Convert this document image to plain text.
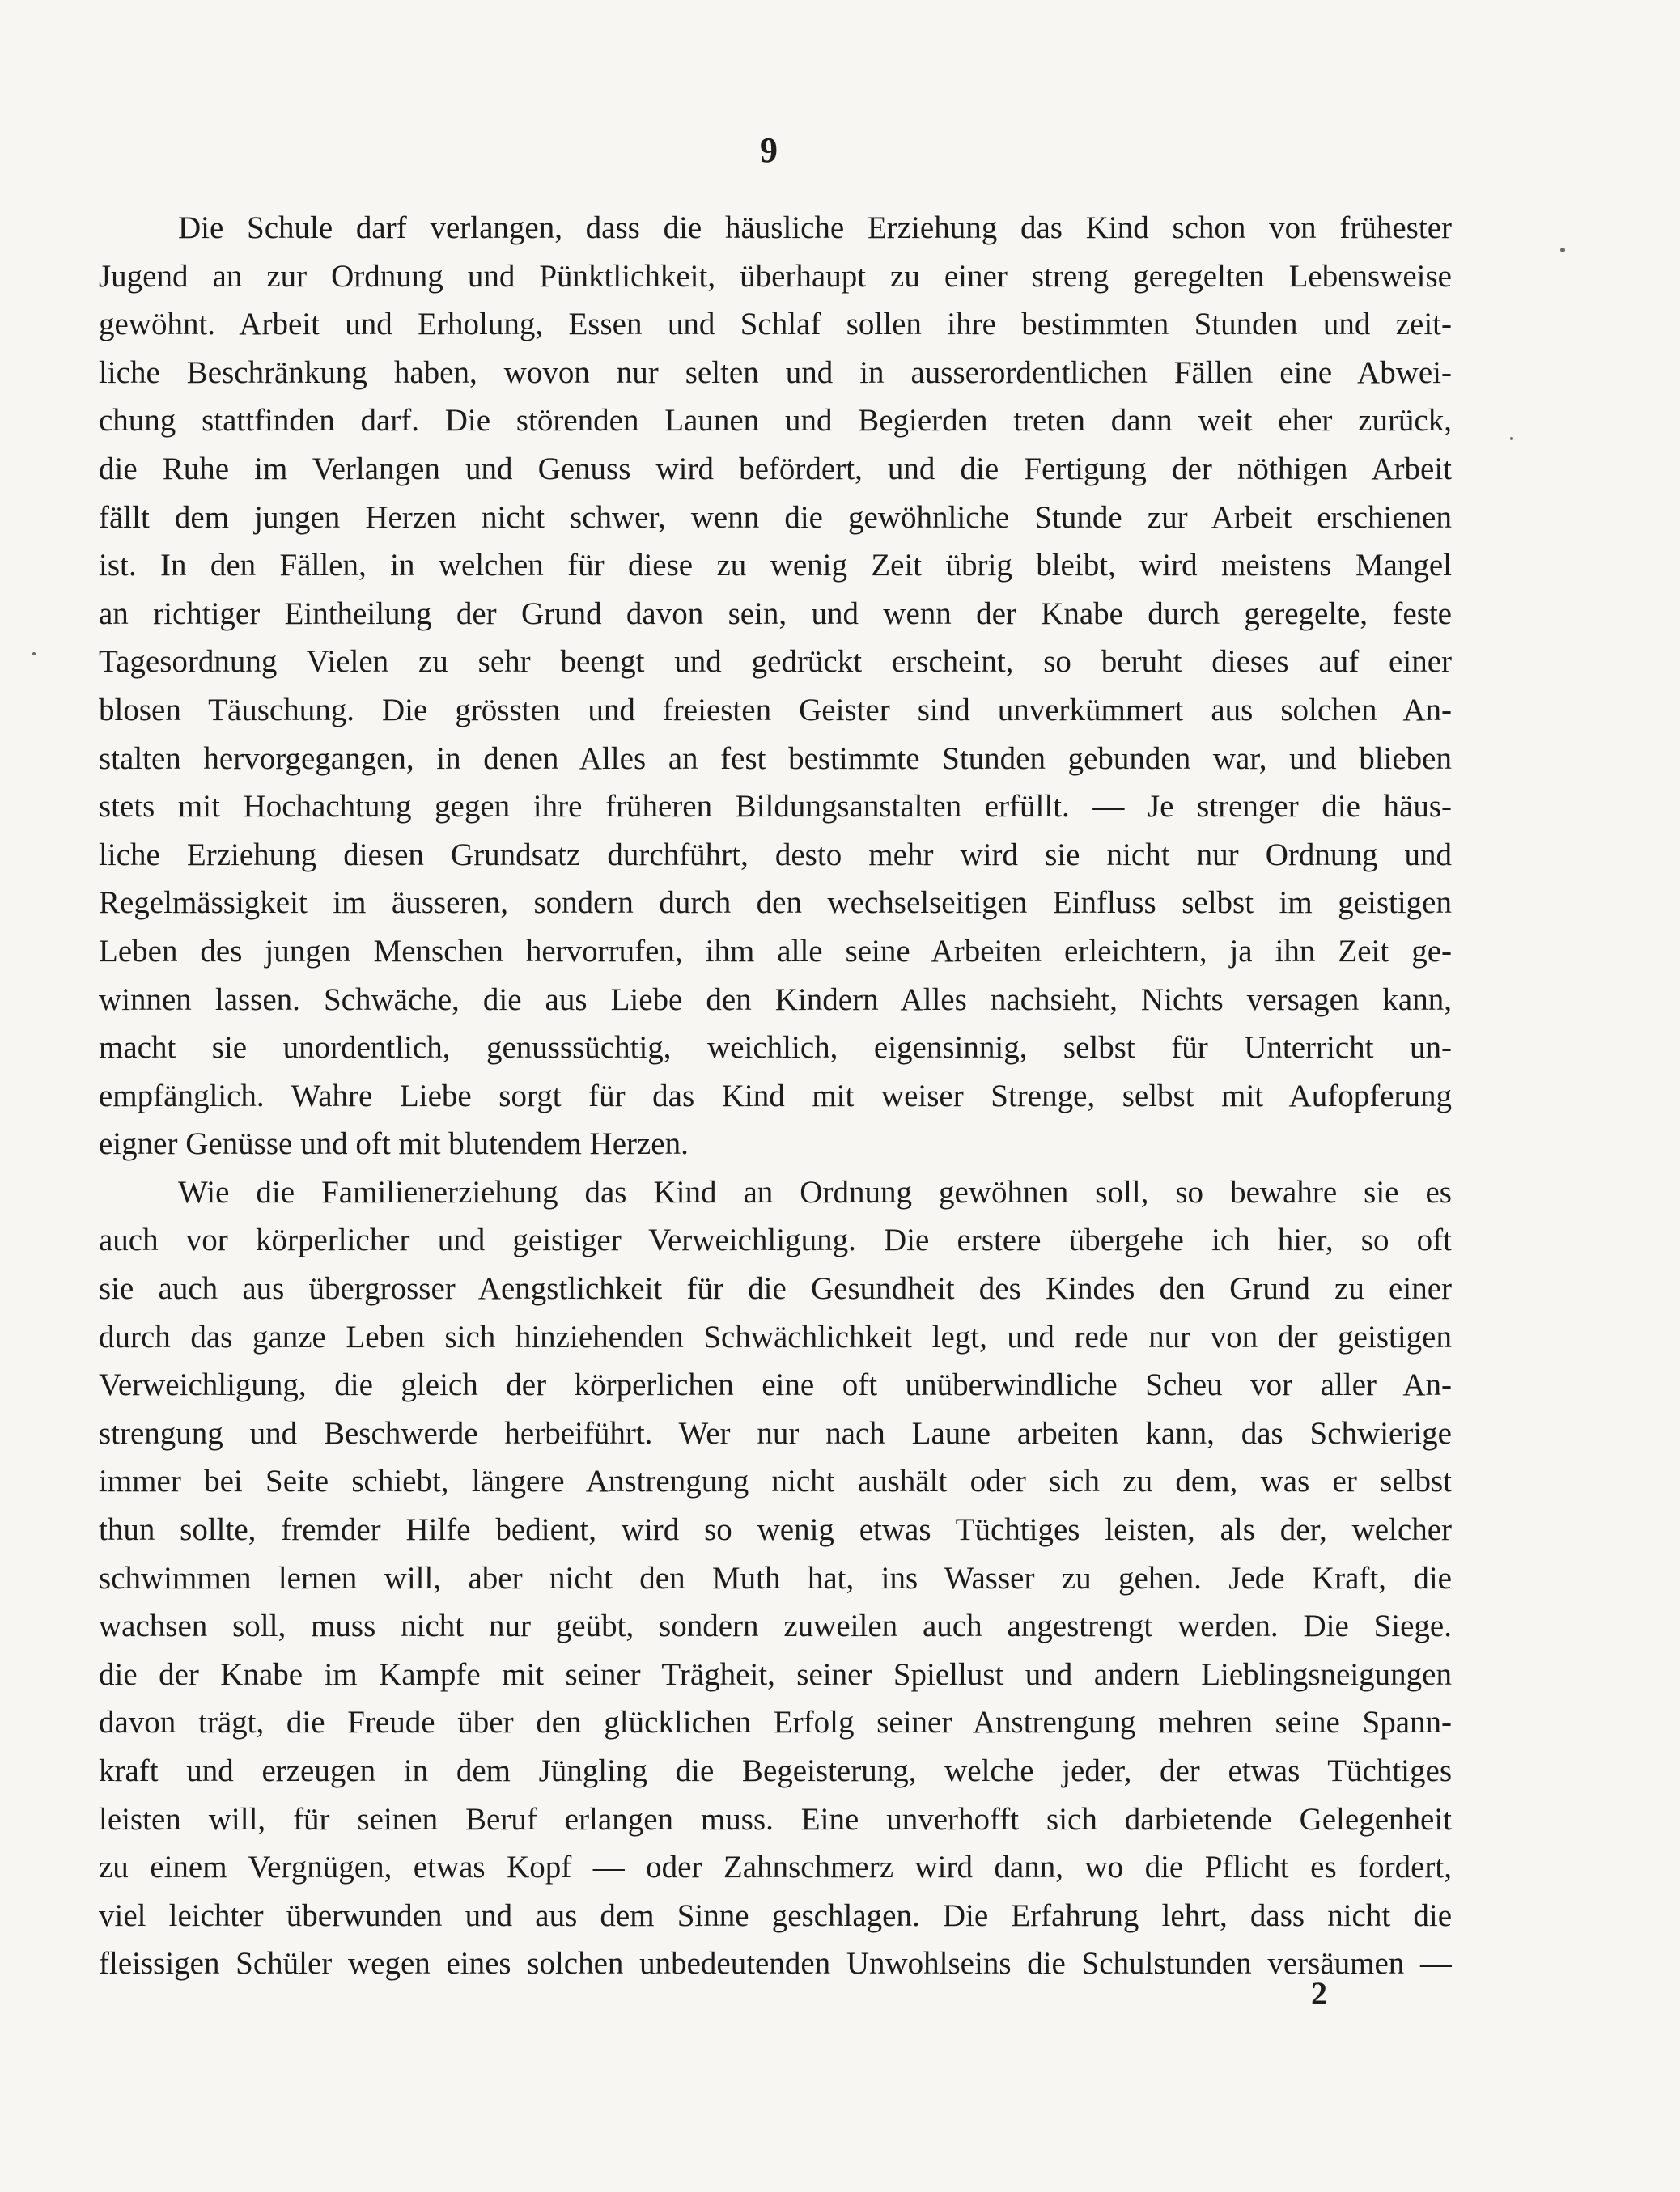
9
Die Schule darf verlangen, dass die häusliche Erziehung das Kind schon von frühester
Jugend an zur Ordnung und Pünktlichkeit, überhaupt zu einer streng geregelten Lebensweise
gewöhnt. Arbeit und Erholung, Essen und Schlaf sollen ihre bestimmten Stunden und zeit-
liche Beschränkung haben, wovon nur selten und in ausserordentlichen Fällen eine Abwei-
chung stattfinden darf. Die störenden Launen und Begierden treten dann weit eher zurück,
die Ruhe im Verlangen und Genuss wird befördert, und die Fertigung der nöthigen Arbeit
fällt dem jungen Herzen nicht schwer, wenn die gewöhnliche Stunde zur Arbeit erschienen
ist. In den Fällen, in welchen für diese zu wenig Zeit übrig bleibt, wird meistens Mangel
an richtiger Eintheilung der Grund davon sein, und wenn der Knabe durch geregelte, feste
Tagesordnung Vielen zu sehr beengt und gedrückt erscheint, so beruht dieses auf einer
blosen Täuschung. Die grössten und freiesten Geister sind unverkümmert aus solchen An-
stalten hervorgegangen, in denen Alles an fest bestimmte Stunden gebunden war, und blieben
stets mit Hochachtung gegen ihre früheren Bildungsanstalten erfüllt. — Je strenger die häus-
liche Erziehung diesen Grundsatz durchführt, desto mehr wird sie nicht nur Ordnung und
Regelmässigkeit im äusseren, sondern durch den wechselseitigen Einfluss selbst im geistigen
Leben des jungen Menschen hervorrufen, ihm alle seine Arbeiten erleichtern, ja ihn Zeit ge-
winnen lassen. Schwäche, die aus Liebe den Kindern Alles nachsieht, Nichts versagen kann,
macht sie unordentlich, genusssüchtig, weichlich, eigensinnig, selbst für Unterricht un-
empfänglich. Wahre Liebe sorgt für das Kind mit weiser Strenge, selbst mit Aufopferung
eigner Genüsse und oft mit blutendem Herzen.
Wie die Familienerziehung das Kind an Ordnung gewöhnen soll, so bewahre sie es
auch vor körperlicher und geistiger Verweichligung. Die erstere übergehe ich hier, so oft
sie auch aus übergrosser Aengstlichkeit für die Gesundheit des Kindes den Grund zu einer
durch das ganze Leben sich hinziehenden Schwächlichkeit legt, und rede nur von der geistigen
Verweichligung, die gleich der körperlichen eine oft unüberwindliche Scheu vor aller An-
strengung und Beschwerde herbeiführt. Wer nur nach Laune arbeiten kann, das Schwierige
immer bei Seite schiebt, längere Anstrengung nicht aushält oder sich zu dem, was er selbst
thun sollte, fremder Hilfe bedient, wird so wenig etwas Tüchtiges leisten, als der, welcher
schwimmen lernen will, aber nicht den Muth hat, ins Wasser zu gehen. Jede Kraft, die
wachsen soll, muss nicht nur geübt, sondern zuweilen auch angestrengt werden. Die Siege.
die der Knabe im Kampfe mit seiner Trägheit, seiner Spiellust und andern Lieblingsneigungen
davon trägt, die Freude über den glücklichen Erfolg seiner Anstrengung mehren seine Spann-
kraft und erzeugen in dem Jüngling die Begeisterung, welche jeder, der etwas Tüchtiges
leisten will, für seinen Beruf erlangen muss. Eine unverhofft sich darbietende Gelegenheit
zu einem Vergnügen, etwas Kopf — oder Zahnschmerz wird dann, wo die Pflicht es fordert,
viel leichter überwunden und aus dem Sinne geschlagen. Die Erfahrung lehrt, dass nicht die
fleissigen Schüler wegen eines solchen unbedeutenden Unwohlseins die Schulstunden versäumen —
2
